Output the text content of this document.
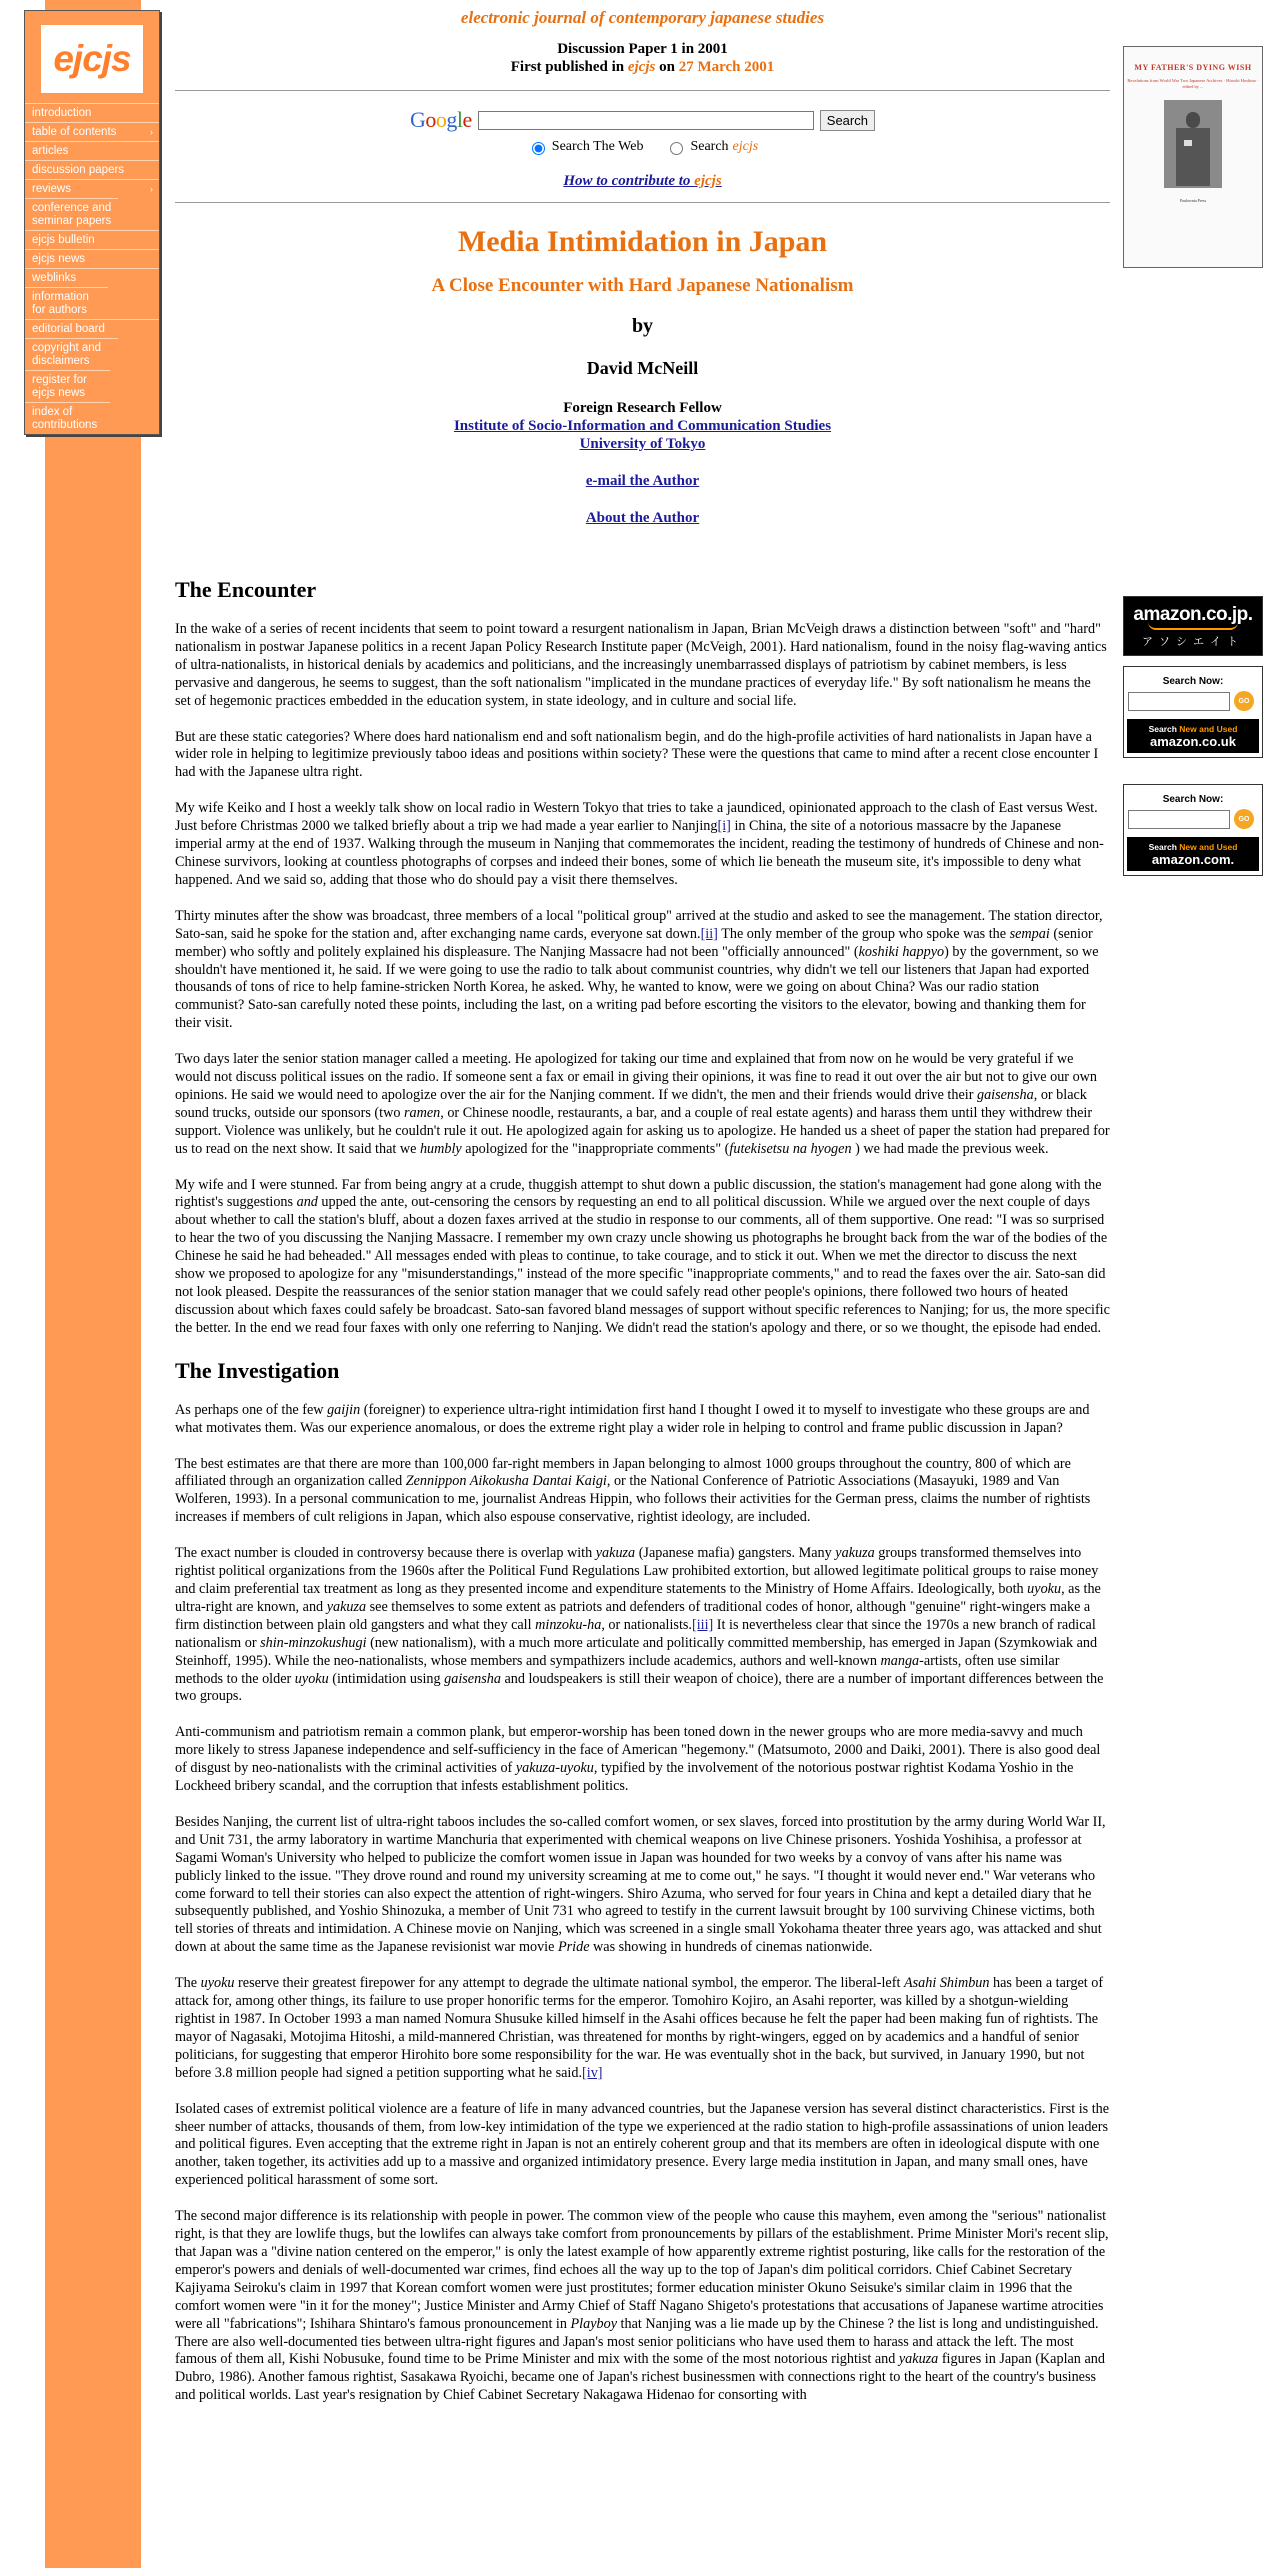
ejcjs
introduction
table of contents	›
articles
discussion papers
reviews	›
conference and seminar papers
ejcjs bulletin
ejcjs news
weblinks
information for authors
editorial board
copyright and disclaimers
register for ejcjs news
index of contributions
electronic journal of contemporary japanese studies
Discussion Paper 1 in 2001
First published in ejcjs on 27 March 2001
Google	Search
Search The Web	Search ejcjs
How to contribute to ejcjs
Media Intimidation in Japan
A Close Encounter with Hard Japanese Nationalism
by
David McNeill
Foreign Research Fellow
Institute of Socio-Information and Communication Studies
University of Tokyo
e-mail the Author
About the Author
The Encounter

In the wake of a series of recent incidents that seem to point toward a resurgent nationalism in Japan, Brian McVeigh draws a distinction between "soft" and "hard" nationalism in postwar Japanese politics in a recent Japan Policy Research Institute paper (McVeigh, 2001). Hard nationalism, found in the noisy flag-waving antics of ultra-nationalists, in historical denials by academics and politicians, and the increasingly unembarrassed displays of patriotism by cabinet members, is less pervasive and dangerous, he seems to suggest, than the soft nationalism "implicated in the mundane practices of everyday life." By soft nationalism he means the set of hegemonic practices embedded in the education system, in state ideology, and in culture and social life.

But are these static categories? Where does hard nationalism end and soft nationalism begin, and do the high-profile activities of hard nationalists in Japan have a wider role in helping to legitimize previously taboo ideas and positions within society? These were the questions that came to mind after a recent close encounter I had with the Japanese ultra right.

My wife Keiko and I host a weekly talk show on local radio in Western Tokyo that tries to take a jaundiced, opinionated approach to the clash of East versus West. Just before Christmas 2000 we talked briefly about a trip we had made a year earlier to Nanjing[i] in China, the site of a notorious massacre by the Japanese imperial army at the end of 1937. Walking through the museum in Nanjing that commemorates the incident, reading the testimony of hundreds of Chinese and non-Chinese survivors, looking at countless photographs of corpses and indeed their bones, some of which lie beneath the museum site, it's impossible to deny what happened. And we said so, adding that those who do should pay a visit there themselves.

Thirty minutes after the show was broadcast, three members of a local "political group" arrived at the studio and asked to see the management. The station director, Sato-san, said he spoke for the station and, after exchanging name cards, everyone sat down.[ii] The only member of the group who spoke was the sempai (senior member) who softly and politely explained his displeasure. The Nanjing Massacre had not been "officially announced" (koshiki happyo) by the government, so we shouldn't have mentioned it, he said. If we were going to use the radio to talk about communist countries, why didn't we tell our listeners that Japan had exported thousands of tons of rice to help famine-stricken North Korea, he asked. Why, he wanted to know, were we going on about China? Was our radio station communist? Sato-san carefully noted these points, including the last, on a writing pad before escorting the visitors to the elevator, bowing and thanking them for their visit.

Two days later the senior station manager called a meeting. He apologized for taking our time and explained that from now on he would be very grateful if we would not discuss political issues on the radio. If someone sent a fax or email in giving their opinions, it was fine to read it out over the air but not to give our own opinions. He said we would need to apologize over the air for the Nanjing comment. If we didn't, the men and their friends would drive their gaisensha, or black sound trucks, outside our sponsors (two ramen, or Chinese noodle, restaurants, a bar, and a couple of real estate agents) and harass them until they withdrew their support. Violence was unlikely, but he couldn't rule it out. He apologized again for asking us to apologize. He handed us a sheet of paper the station had prepared for us to read on the next show. It said that we humbly apologized for the "inappropriate comments" (futekisetsu na hyogen ) we had made the previous week.

My wife and I were stunned. Far from being angry at a crude, thuggish attempt to shut down a public discussion, the station's management had gone along with the rightist's suggestions and upped the ante, out-censoring the censors by requesting an end to all political discussion. While we argued over the next couple of days about whether to call the station's bluff, about a dozen faxes arrived at the studio in response to our comments, all of them supportive. One read: "I was so surprised to hear the two of you discussing the Nanjing Massacre. I remember my own crazy uncle showing us photographs he brought back from the war of the bodies of the Chinese he said he had beheaded." All messages ended with pleas to continue, to take courage, and to stick it out. When we met the director to discuss the next show we proposed to apologize for any "misunderstandings," instead of the more specific "inappropriate comments," and to read the faxes over the air. Sato-san did not look pleased. Despite the reassurances of the senior station manager that we could safely read other people's opinions, there followed two hours of heated discussion about which faxes could safely be broadcast. Sato-san favored bland messages of support without specific references to Nanjing; for us, the more specific the better. In the end we read four faxes with only one referring to Nanjing. We didn't read the station's apology and there, or so we thought, the episode had ended.

The Investigation

As perhaps one of the few gaijin (foreigner) to experience ultra-right intimidation first hand I thought I owed it to myself to investigate who these groups are and what motivates them. Was our experience anomalous, or does the extreme right play a wider role in helping to control and frame public discussion in Japan?

The best estimates are that there are more than 100,000 far-right members in Japan belonging to almost 1000 groups throughout the country, 800 of which are affiliated through an organization called Zennippon Aikokusha Dantai Kaigi, or the National Conference of Patriotic Associations (Masayuki, 1989 and Van Wolferen, 1993). In a personal communication to me, journalist Andreas Hippin, who follows their activities for the German press, claims the number of rightists increases if members of cult religions in Japan, which also espouse conservative, rightist ideology, are included.

The exact number is clouded in controversy because there is overlap with yakuza (Japanese mafia) gangsters. Many yakuza groups transformed themselves into rightist political organizations from the 1960s after the Political Fund Regulations Law prohibited extortion, but allowed legitimate political groups to raise money and claim preferential tax treatment as long as they presented income and expenditure statements to the Ministry of Home Affairs. Ideologically, both uyoku, as the ultra-right are known, and yakuza see themselves to some extent as patriots and defenders of traditional codes of honor, although "genuine" right-wingers make a firm distinction between plain old gangsters and what they call minzoku-ha, or nationalists.[iii] It is nevertheless clear that since the 1970s a new branch of radical nationalism or shin-minzokushugi (new nationalism), with a much more articulate and politically committed membership, has emerged in Japan (Szymkowiak and Steinhoff, 1995). While the neo-nationalists, whose members and sympathizers include academics, authors and well-known manga-artists, often use similar methods to the older uyoku (intimidation using gaisensha and loudspeakers is still their weapon of choice), there are a number of important differences between the two groups.

Anti-communism and patriotism remain a common plank, but emperor-worship has been toned down in the newer groups who are more media-savvy and much more likely to stress Japanese independence and self-sufficiency in the face of American "hegemony." (Matsumoto, 2000 and Daiki, 2001). There is also good deal of disgust by neo-nationalists with the criminal activities of yakuza-uyoku, typified by the involvement of the notorious postwar rightist Kodama Yoshio in the Lockheed bribery scandal, and the corruption that infests establishment politics.

Besides Nanjing, the current list of ultra-right taboos includes the so-called comfort women, or sex slaves, forced into prostitution by the army during World War II, and Unit 731, the army laboratory in wartime Manchuria that experimented with chemical weapons on live Chinese prisoners. Yoshida Yoshihisa, a professor at Sagami Woman's University who helped to publicize the comfort women issue in Japan was hounded for two weeks by a convoy of vans after his name was publicly linked to the issue. "They drove round and round my university screaming at me to come out," he says. "I thought it would never end." War veterans who come forward to tell their stories can also expect the attention of right-wingers. Shiro Azuma, who served for four years in China and kept a detailed diary that he subsequently published, and Yoshio Shinozuka, a member of Unit 731 who agreed to testify in the current lawsuit brought by 100 surviving Chinese victims, both tell stories of threats and intimidation. A Chinese movie on Nanjing, which was screened in a single small Yokohama theater three years ago, was attacked and shut down at about the same time as the Japanese revisionist war movie Pride was showing in hundreds of cinemas nationwide.

The uyoku reserve their greatest firepower for any attempt to degrade the ultimate national symbol, the emperor. The liberal-left Asahi Shimbun has been a target of attack for, among other things, its failure to use proper honorific terms for the emperor. Tomohiro Kojiro, an Asahi reporter, was killed by a shotgun-wielding rightist in 1987. In October 1993 a man named Nomura Shusuke killed himself in the Asahi offices because he felt the paper had been making fun of rightists. The mayor of Nagasaki, Motojima Hitoshi, a mild-mannered Christian, was threatened for months by right-wingers, egged on by academics and a handful of senior politicians, for suggesting that emperor Hirohito bore some responsibility for the war. He was eventually shot in the back, but survived, in January 1990, but not before 3.8 million people had signed a petition supporting what he said.[iv]

Isolated cases of extremist political violence are a feature of life in many advanced countries, but the Japanese version has several distinct characteristics. First is the sheer number of attacks, thousands of them, from low-key intimidation of the type we experienced at the radio station to high-profile assassinations of union leaders and political figures. Even accepting that the extreme right in Japan is not an entirely coherent group and that its members are often in ideological dispute with one another, taken together, its activities add up to a massive and organized intimidatory presence. Every large media institution in Japan, and many small ones, have experienced political harassment of some sort.

The second major difference is its relationship with people in power. The common view of the people who cause this mayhem, even among the "serious" nationalist right, is that they are lowlife thugs, but the lowlifes can always take comfort from pronouncements by pillars of the establishment. Prime Minister Mori's recent slip, that Japan was a "divine nation centered on the emperor," is only the latest example of how apparently extreme rightist posturing, like calls for the restoration of the emperor's powers and denials of well-documented war crimes, find echoes all the way up to the top of Japan's dim political corridors. Chief Cabinet Secretary Kajiyama Seiroku's claim in 1997 that Korean comfort women were just prostitutes; former education minister Okuno Seisuke's similar claim in 1996 that the comfort women were "in it for the money"; Justice Minister and Army Chief of Staff Nagano Shigeto's protestations that accusations of Japanese wartime atrocities were all "fabrications"; Ishihara Shintaro's famous pronouncement in Playboy that Nanjing was a lie made up by the Chinese ? the list is long and undistinguished. There are also well-documented ties between ultra-right figures and Japan's most senior politicians who have used them to harass and attack the left. The most famous of them all, Kishi Nobusuke, found time to be Prime Minister and mix with the some of the most notorious rightist and yakuza figures in Japan (Kaplan and Dubro, 1986). Another famous rightist, Sasakawa Ryoichi, became one of Japan's richest businessmen with connections right to the heart of the country's business and political worlds. Last year's resignation by Chief Cabinet Secretary Nakagawa Hidenao for consorting with

MY FATHER'S DYING WISH
Revelations from World War Two Japanese Archives · Hiroshi Hoshino · edited by ...
Paulownia Press
amazon.co.jp.
アソシエイト
Search Now:
GO
Search New and Used
amazon.co.uk
Search Now:
GO
Search New and Used
amazon.com.
